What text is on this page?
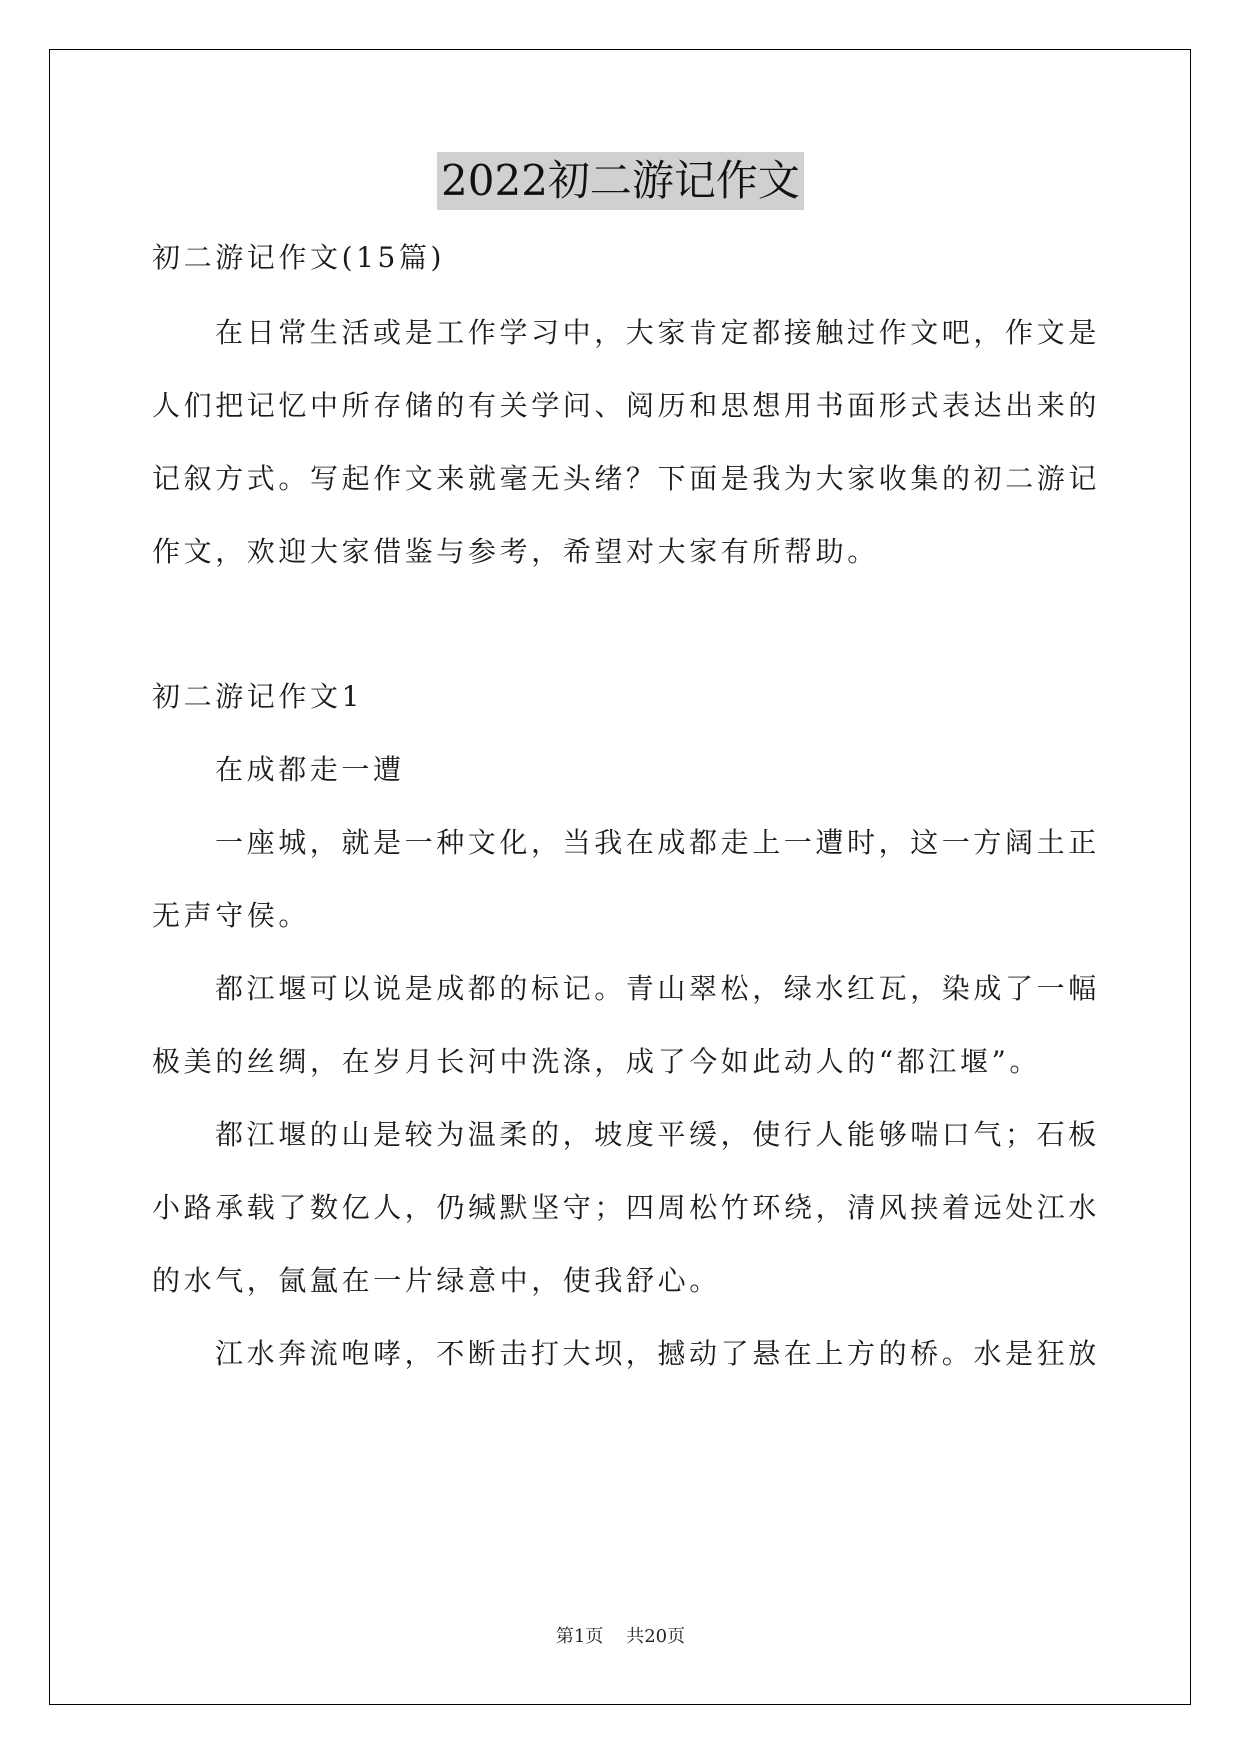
2022初二游记作文
初二游记作文(15篇)
在日常生活或是工作学习中，大家肯定都接触过作文吧，作文是
人们把记忆中所存储的有关学问、阅历和思想用书面形式表达出来的
记叙方式。写起作文来就毫无头绪？下面是我为大家收集的初二游记
作文，欢迎大家借鉴与参考，希望对大家有所帮助。
初二游记作文1
在成都走一遭
一座城，就是一种文化，当我在成都走上一遭时，这一方阔土正
无声守侯。
都江堰可以说是成都的标记。青山翠松，绿水红瓦，染成了一幅
极美的丝绸，在岁月长河中洗涤，成了今如此动人的“都江堰”。
都江堰的山是较为温柔的，坡度平缓，使行人能够喘口气；石板
小路承载了数亿人，仍缄默坚守；四周松竹环绕，清风挟着远处江水
的水气，氤氲在一片绿意中，使我舒心。
江水奔流咆哮，不断击打大坝，撼动了悬在上方的桥。水是狂放
第1页    共20页
